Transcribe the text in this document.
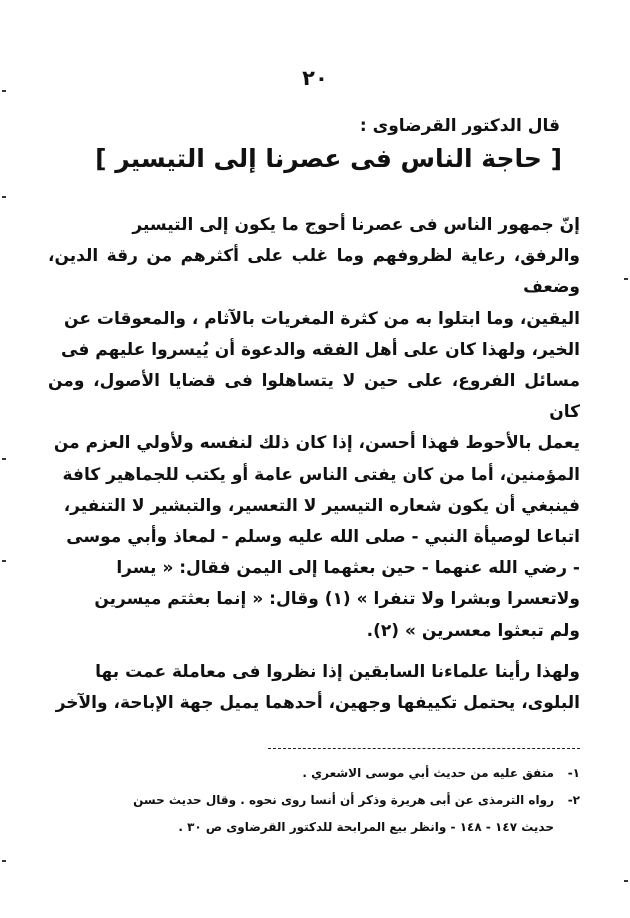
٢٠
قال الدكتور القرضاوى :
[ حاجة الناس فى عصرنا إلى التيسير ]
إنّ جمهور الناس فى عصرنا أحوج ما يكون إلى التيسير
والرفق، رعاية لظروفهم وما غلب على أكثرهم من رقة الدين، وضعف
اليقين، وما ابتلوا به من كثرة المغريات بالآثام ، والمعوقات عن
الخير، ولهذا كان على أهل الفقه والدعوة أن يُيسروا عليهم فى
مسائل الفروع، على حين لا يتساهلوا فى قضايا الأصول، ومن كان
يعمل بالأحوط فهذا أحسن، إذا كان ذلك لنفسه ولأولي العزم من
المؤمنين، أما من كان يفتى الناس عامة أو يكتب للجماهير كافة
فينبغي أن يكون شعاره التيسير لا التعسير، والتبشير لا التنفير،
اتباعا لوصيأة النبي - صلى الله عليه وسلم - لمعاذ وأبي موسى
- رضي الله عنهما - حين بعثهما إلى اليمن فقال: « يسرا
ولاتعسرا وبشرا ولا تنفرا » (١) وقال: « إنما بعثتم ميسرين
ولم تبعثوا معسرين » (٢).
ولهذا رأينا علماءنا السابقين إذا نظروا فى معاملة عمت بها
البلوى، يحتمل تكييفها وجهين، أحدهما يميل جهة الإباحة، والآخر
١-متفق عليه من حديث أبي موسى الاشعري .
٢-رواه الترمذى عن أبى هريرة وذكر أن أنسا روى نحوه . وقال حديث حسن
حديث ١٤٧ - ١٤٨ - وانظر بيع المرابحة للدكتور القرضاوى ص ٣٠ .
